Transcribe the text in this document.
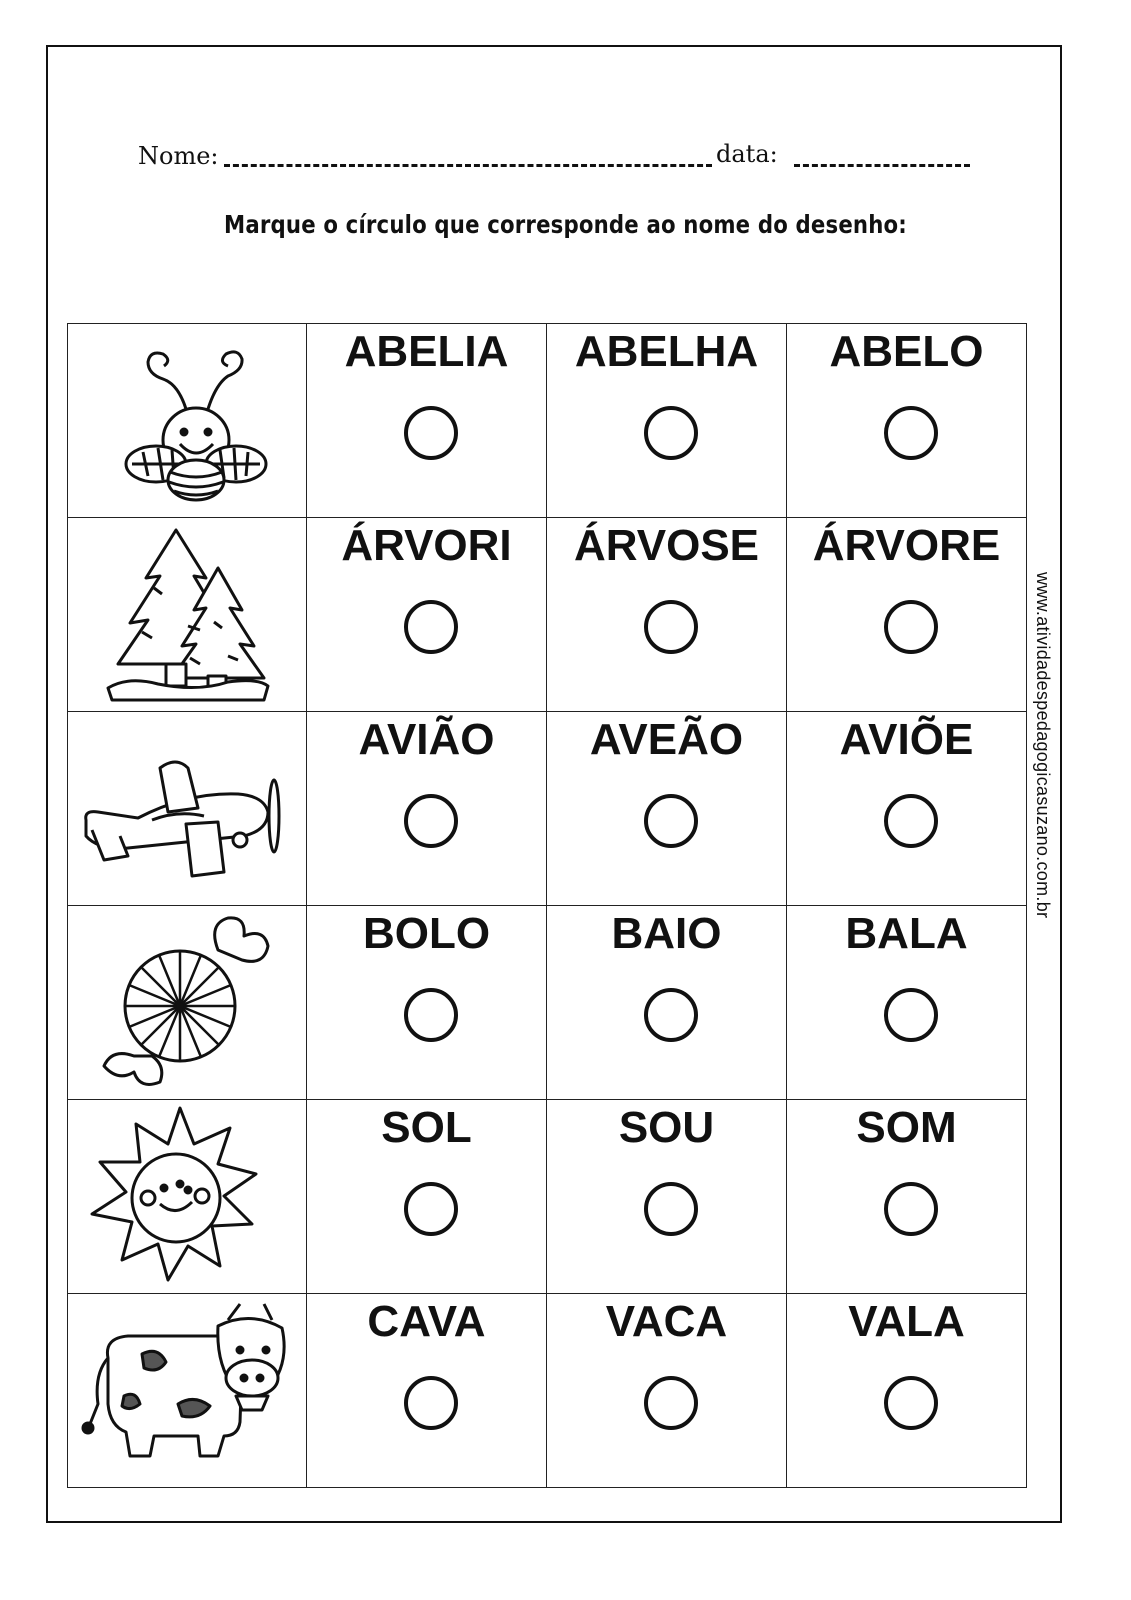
Nome:	data:
Marque o círculo que corresponde ao nome do desenho:

ABELIA	ABELHA	ABELO

ÁRVORI	ÁRVOSE	ÁRVORE

AVIÃO	AVEÃO	AVIÕE

BOLO	BAIO	BALA

SOL	SOU	SOM

CAVA	VACA	VALA
www.atividadespedagogicasuzano.com.br
